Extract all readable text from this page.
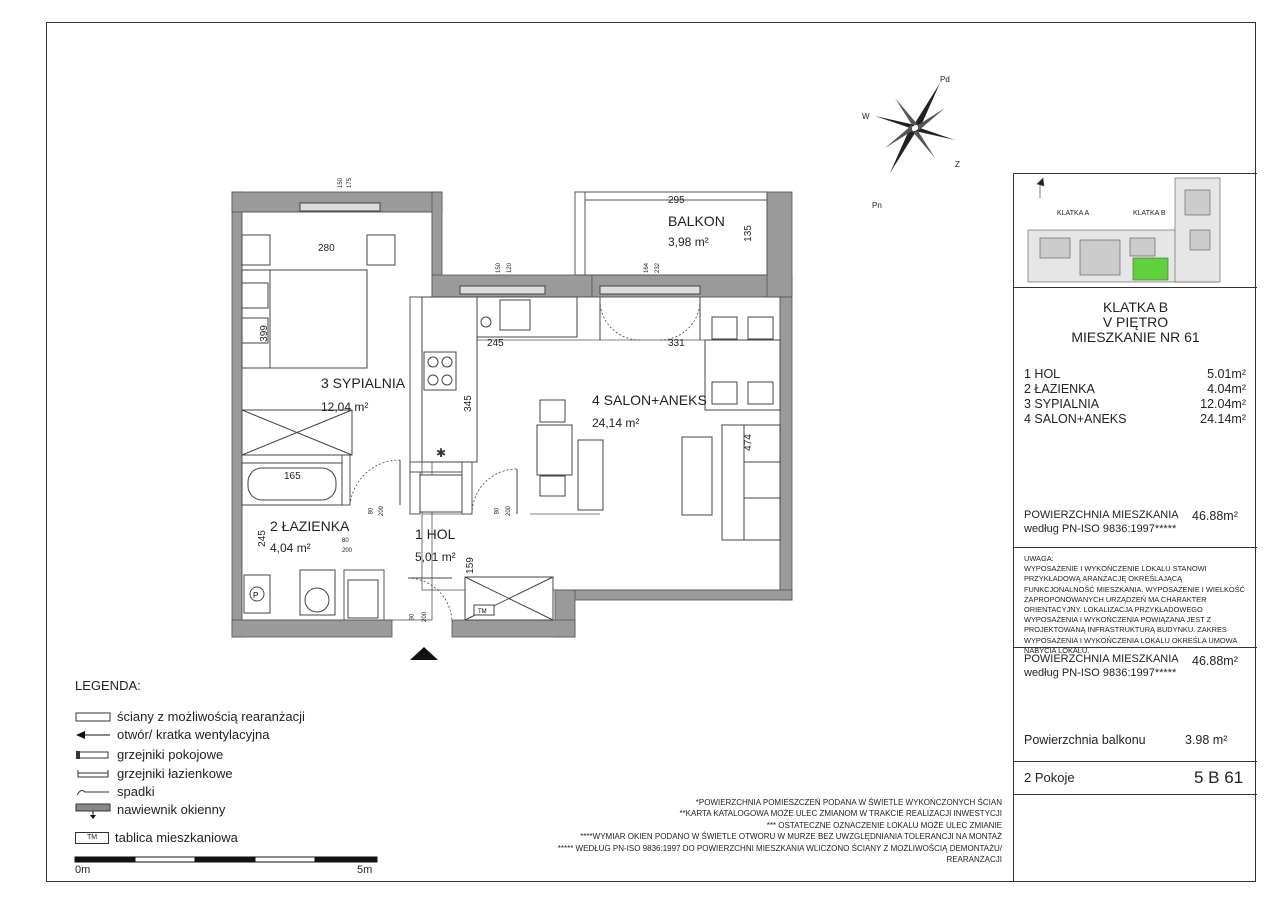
✱
TM
P
Pd
Pn
W
Z
BALKON
3,98 m²
3 SYPIALNIA
12,04 m²	4 SALON+ANEKS
24,14 m²
2 ŁAZIENKA
4,04 m²
1 HOL
5,01 m²
280
295
135
399
245	331
345
474
165
245
159
150 175
150 120	164 232
80 200	80 200
80
200
90 200
LEGENDA:
ściany z możliwością rearanżacji
otwór/ kratka wentylacyjna
grzejniki pokojowe
grzejniki łazienkowe
spadki
nawiewnik okienny
TM	tablica mieszkaniowa
0m	5m
*POWIERZCHNIA POMIESZCZEŃ PODANA W ŚWIETLE WYKOŃCZONYCH ŚCIAN
**KARTA KATALOGOWA MOŻE ULEC ZMIANOM W TRAKCIE REALIZACJI INWESTYCJI
*** OSTATECZNE OZNACZENIE LOKALU MOŻE ULEC ZMIANIE
****WYMIAR OKIEN PODANO W ŚWIETLE OTWORU W MURZE BEZ UWZGLĘDNIANIA TOLERANCJI NA MONTAŻ
***** WEDŁUG PN-ISO 9836:1997 DO POWIERZCHNI MIESZKANIA WLICZONO ŚCIANY Z MOŻLIWOŚCIĄ DEMONTAŻU/
REARANŻACJI
KLATKA A	KLATKA B
KLATKA B
V PIĘTRO
MIESZKANIE NR 61
1 HOL	5.01m²
2 ŁAZIENKA	4.04m²
3 SYPIALNIA	12.04m²
4 SALON+ANEKS	24.14m²
POWIERZCHNIA MIESZKANIA
według PN-ISO 9836:1997*****
46.88m²
UWAGA:
WYPOSAŻENIE I WYKOŃCZENIE LOKALU STANOWI PRZYKŁADOWĄ ARANŻACJĘ OKREŚLAJĄCĄ FUNKCJONALNOŚĆ MIESZKANIA. WYPOSAŻENIE I WIELKOŚĆ ZAPROPONOWANYCH URZĄDZEŃ MA CHARAKTER ORIENTACYJNY. LOKALIZACJA PRZYKŁADOWEGO WYPOSAŻENIA I WYKOŃCZENIA POWIĄZANA JEST Z PROJEKTOWANĄ INFRASTRUKTURĄ BUDYNKU. ZAKRES WYPOSAŻENIA I WYKOŃCZENIA LOKALU OKREŚLA UMOWA NABYCIA LOKALU.
POWIERZCHNIA MIESZKANIA
według PN-ISO 9836:1997*****
46.88m²
Powierzchnia balkonu	3.98 m²
2 Pokoje	5 B 61
